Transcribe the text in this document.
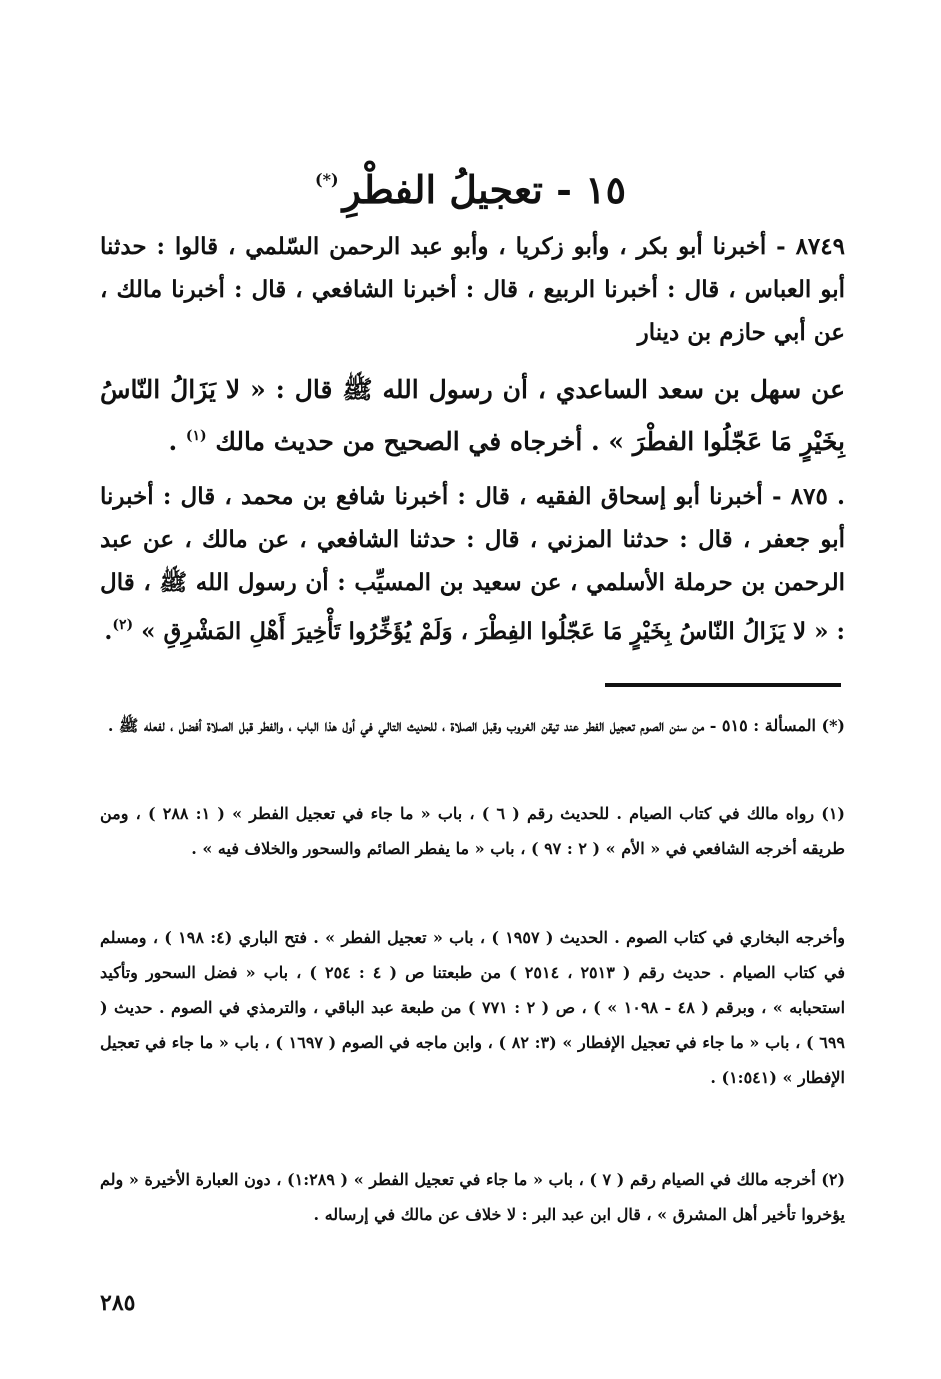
١٥ - تعجيلُ الفطْرِ(*)
٨٧٤٩ - أخبرنا أبو بكر ، وأبو زكريا ، وأبو عبد الرحمن السّلمي ، قالوا : حدثنا أبو العباس ، قال : أخبرنا الربيع ، قال : أخبرنا الشافعي ، قال : أخبرنا مالك ، عن أبي حازم بن دينار
عن سهل بن سعد الساعدي ، أن رسول الله ﷺ قال : « لا يَزَالُ النّاسُ بِخَيْرٍ مَا عَجّلُوا الفطْرَ » . أخرجاه في الصحيح من حديث مالك $^{(١)}$ .
. ٨٧٥ - أخبرنا أبو إسحاق الفقيه ، قال : أخبرنا شافع بن محمد ، قال : أخبرنا أبو جعفر ، قال : حدثنا المزني ، قال : حدثنا الشافعي ، عن مالك ، عن عبد الرحمن بن حرملة الأسلمي ، عن سعيد بن المسيِّب : أن رسول الله ﷺ ، قال : « لا يَزَالُ النّاسُ بِخَيْرٍ مَا عَجّلُوا الفِطْرَ ، وَلَمْ يُؤَخِّرُوا تَأْخِيرَ أَهْلِ المَشْرِقِ » $^{(٢)}$.
(*) المسألة : ٥١٥ - من سنن الصوم تعجيل الفطر عند تيقن الغروب وقبل الصلاة ، للحديث التالي في أول هذا الباب ، والفطر قبل الصلاة أفضل ، لفعله ﷺ .
(١) رواه مالك في كتاب الصيام . للحديث رقم ( ٦ ) ، باب « ما جاء في تعجيل الفطر » ( ١: ٢٨٨ ) ، ومن طريقه أخرجه الشافعي في « الأم » ( ٢ : ٩٧ ) ، باب « ما يفطر الصائم والسحور والخلاف فيه » .
وأخرجه البخاري في كتاب الصوم . الحديث ( ١٩٥٧ ) ، باب « تعجيل الفطر » . فتح الباري (٤: ١٩٨ ) ، ومسلم في كتاب الصيام . حديث رقم ( ٢٥١٣ ، ٢٥١٤ ) من طبعتنا ص ( ٤ : ٢٥٤ ) ، باب « فضل السحور وتأكيد استحبابه » ، وبرقم ( ٤٨ - ١٠٩٨ » ) ، ص ( ٢ : ٧٧١ ) من طبعة عبد الباقي ، والترمذي في الصوم . حديث ( ٦٩٩ ) ، باب « ما جاء في تعجيل الإفطار » (٣: ٨٢ ) ، وابن ماجه في الصوم ( ١٦٩٧ ) ، باب « ما جاء في تعجيل الإفطار » (١:٥٤١) .
(٢) أخرجه مالك في الصيام رقم ( ٧ ) ، باب « ما جاء في تعجيل الفطر » ( ١:٢٨٩) ، دون العبارة الأخيرة « ولم يؤخروا تأخير أهل المشرق » ، قال ابن عبد البر : لا خلاف عن مالك في إرساله .
٢٨٥
